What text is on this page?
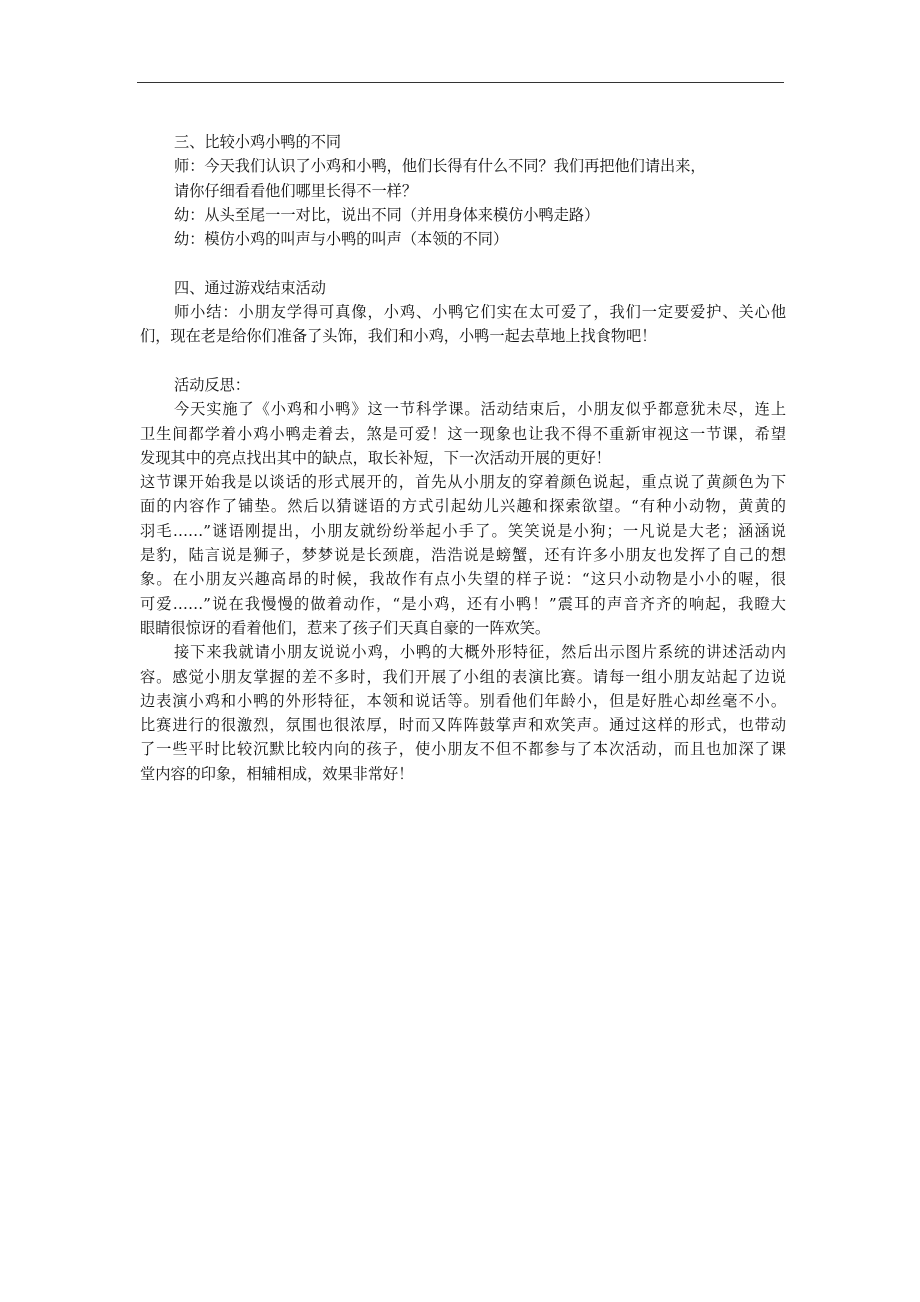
三、比较小鸡小鸭的不同
师：今天我们认识了小鸡和小鸭，他们长得有什么不同？我们再把他们请出来，
请你仔细看看他们哪里长得不一样？
幼：从头至尾一一对比，说出不同（并用身体来模仿小鸭走路）
幼：模仿小鸡的叫声与小鸭的叫声（本领的不同）
四、通过游戏结束活动
师小结：小朋友学得可真像，小鸡、小鸭它们实在太可爱了，我们一定要爱护、关心他
们，现在老是给你们准备了头饰，我们和小鸡，小鸭一起去草地上找食物吧！
活动反思：
今天实施了《小鸡和小鸭》这一节科学课。活动结束后，小朋友似乎都意犹未尽，连上
卫生间都学着小鸡小鸭走着去，煞是可爱！这一现象也让我不得不重新审视这一节课，希望
发现其中的亮点找出其中的缺点，取长补短，下一次活动开展的更好！
这节课开始我是以谈话的形式展开的，首先从小朋友的穿着颜色说起，重点说了黄颜色为下
面的内容作了铺垫。然后以猜谜语的方式引起幼儿兴趣和探索欲望。“有种小动物，黄黄的
羽毛……”谜语刚提出，小朋友就纷纷举起小手了。笑笑说是小狗；一凡说是大老；涵涵说
是豹，陆言说是狮子，梦梦说是长颈鹿，浩浩说是螃蟹，还有许多小朋友也发挥了自己的想
象。在小朋友兴趣高昂的时候，我故作有点小失望的样子说：“这只小动物是小小的喔，很
可爱……”说在我慢慢的做着动作，“是小鸡，还有小鸭！”震耳的声音齐齐的响起，我瞪大
眼睛很惊讶的看着他们，惹来了孩子们天真自豪的一阵欢笑。
接下来我就请小朋友说说小鸡，小鸭的大概外形特征，然后出示图片系统的讲述活动内
容。感觉小朋友掌握的差不多时，我们开展了小组的表演比赛。请每一组小朋友站起了边说
边表演小鸡和小鸭的外形特征，本领和说话等。别看他们年龄小，但是好胜心却丝毫不小。
比赛进行的很激烈，氛围也很浓厚，时而又阵阵鼓掌声和欢笑声。通过这样的形式，也带动
了一些平时比较沉默比较内向的孩子，使小朋友不但不都参与了本次活动，而且也加深了课
堂内容的印象，相辅相成，效果非常好！
